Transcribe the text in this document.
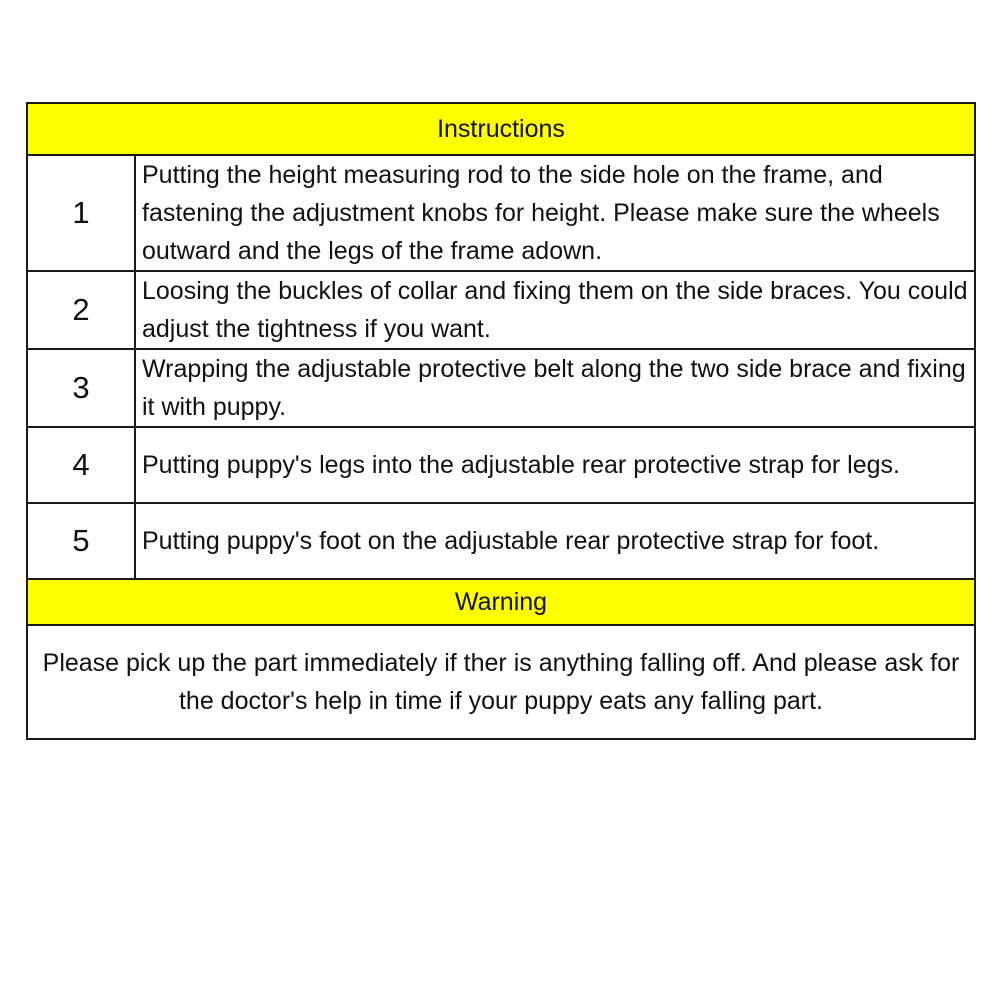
Instructions	
1	Putting the height measuring rod to the side hole on the frame, and fastening the adjustment knobs for height. Please make sure the wheels outward and the legs of the frame adown.
2	Loosing the buckles of collar and fixing them on the side braces. You could adjust the tightness if you want.
3	Wrapping the adjustable protective belt along the two side brace and fixing it with puppy.
4	Putting puppy's legs into the adjustable rear protective strap for legs.
5	Putting puppy's foot on the adjustable rear protective strap for foot.
Warning	
Please pick up the part immediately if ther is anything falling off. And please ask for the doctor's help in time if your puppy eats any falling part.	
